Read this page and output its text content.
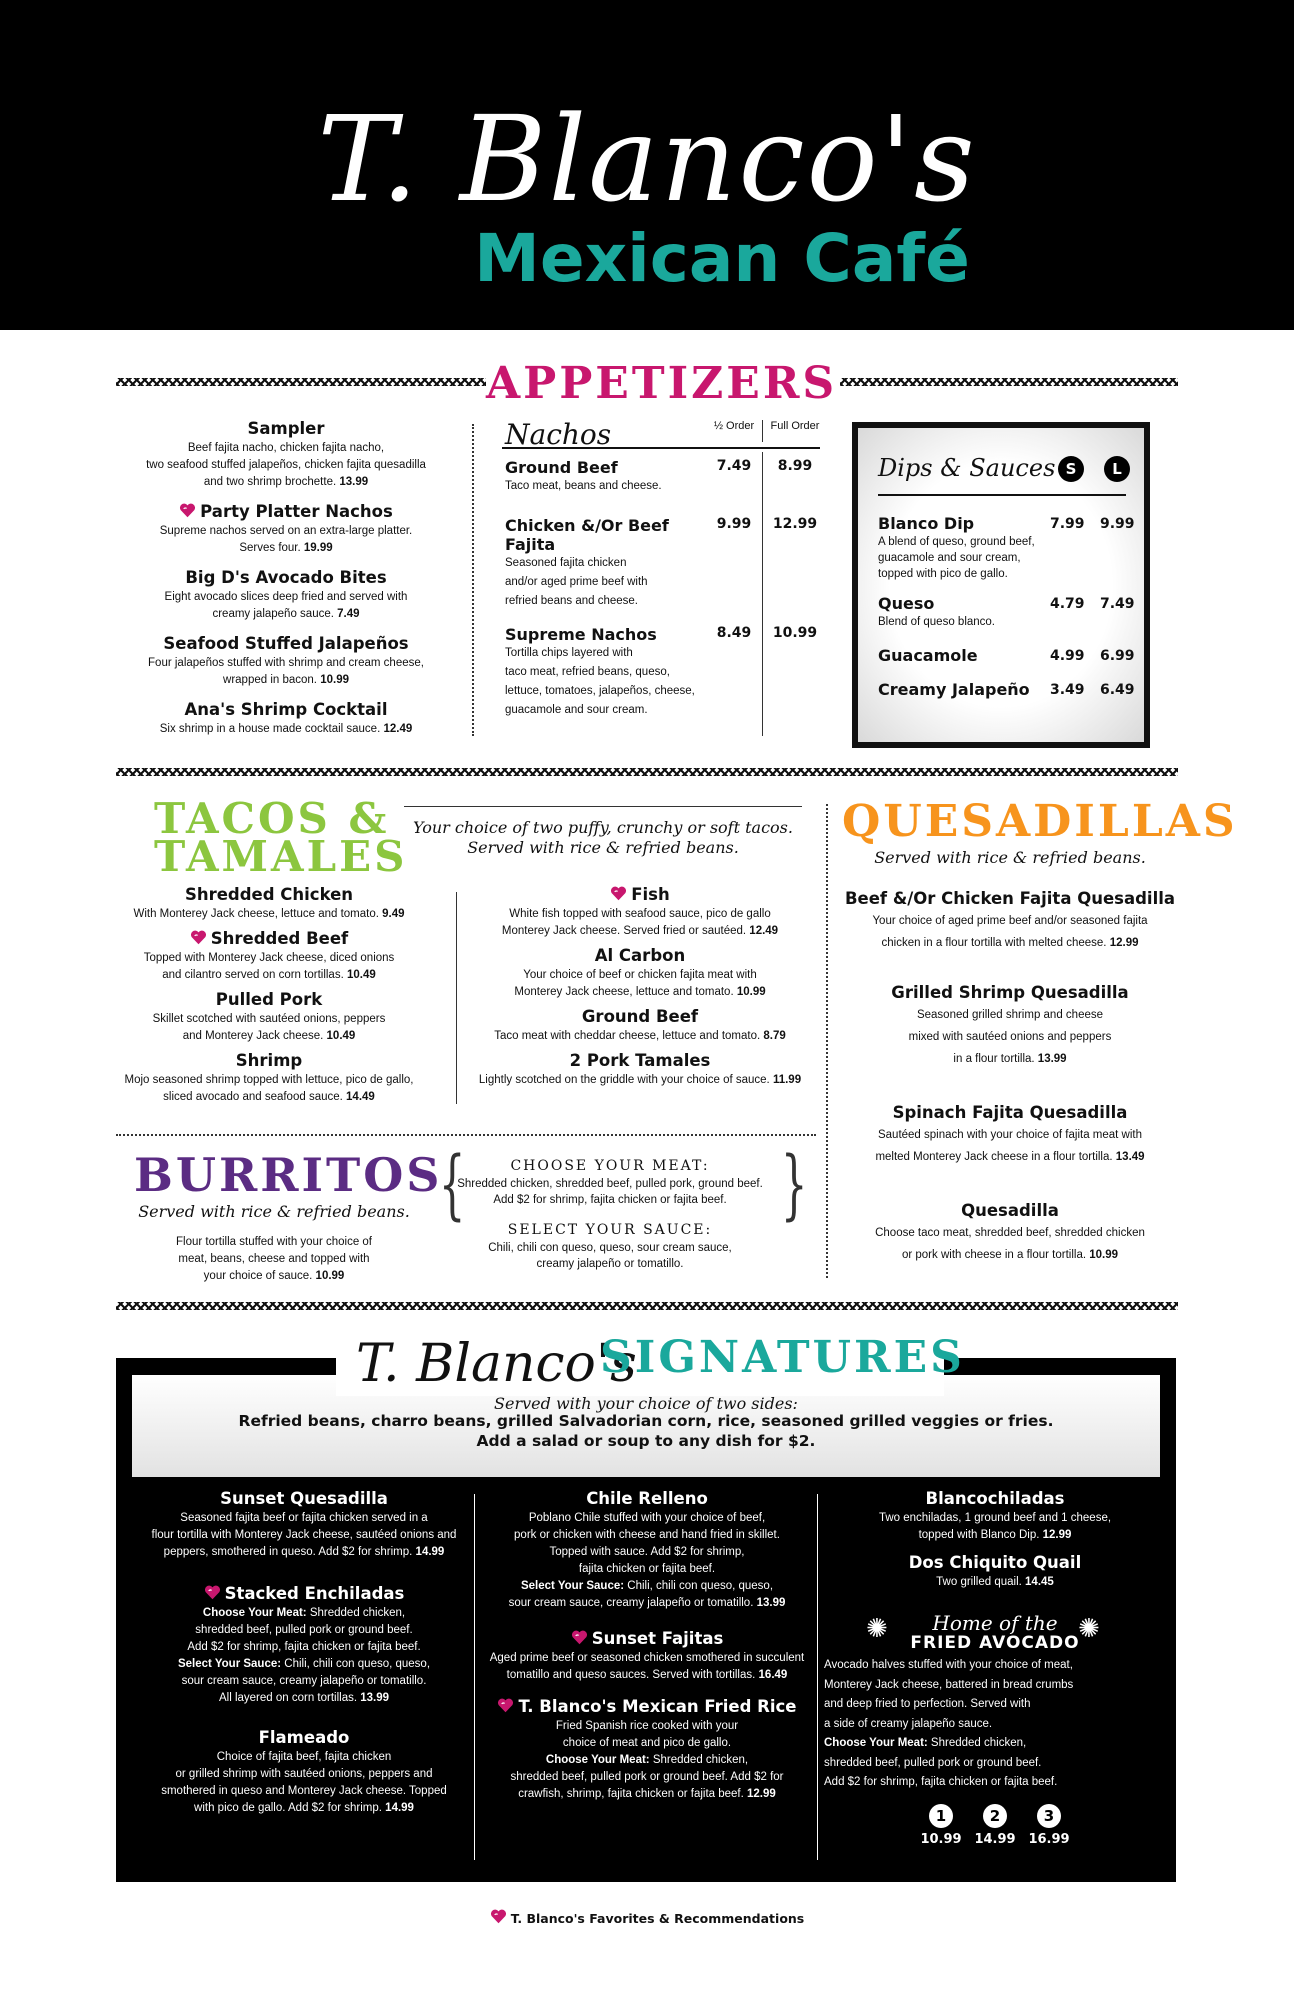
T. Blanco's
Mexican Café
APPETIZERS
Sampler
Beef fajita nacho, chicken fajita nacho,
two seafood stuffed jalapeños, chicken fajita quesadilla
and two shrimp brochette. 13.99
Party Platter Nachos
Supreme nachos served on an extra-large platter.
Serves four. 19.99
Big D's Avocado Bites
Eight avocado slices deep fried and served with
creamy jalapeño sauce. 7.49
Seafood Stuffed Jalapeños
Four jalapeños stuffed with shrimp and cream cheese,
wrapped in bacon. 10.99
Ana's Shrimp Cocktail
Six shrimp in a house made cocktail sauce. 12.49
Nachos	½ Order	Full Order
Ground Beef
Taco meat, beans and cheese.
7.49	8.99
Chicken &/Or Beef Fajita
Seasoned fajita chicken
and/or aged prime beef with
refried beans and cheese.
9.99	12.99
Supreme Nachos
Tortilla chips layered with
taco meat, refried beans, queso,
lettuce, tomatoes, jalapeños, cheese,
guacamole and sour cream.
8.49	10.99
Dips & Sauces S	L
Blanco Dip
A blend of queso, ground beef,
guacamole and sour cream,
topped with pico de gallo.
7.99 9.99
Queso
Blend of queso blanco.
4.79 7.49
Guacamole	4.99 6.99
Creamy Jalapeño	3.49 6.49
TACOS &
TAMALES
Your choice of two puffy, crunchy or soft tacos.
Served with rice & refried beans.
Shredded Chicken
With Monterey Jack cheese, lettuce and tomato. 9.49
Shredded Beef
Topped with Monterey Jack cheese, diced onions
and cilantro served on corn tortillas. 10.49
Pulled Pork
Skillet scotched with sautéed onions, peppers
and Monterey Jack cheese. 10.49
Shrimp
Mojo seasoned shrimp topped with lettuce, pico de gallo,
sliced avocado and seafood sauce. 14.49
Fish
White fish topped with seafood sauce, pico de gallo
Monterey Jack cheese. Served fried or sautéed. 12.49
Al Carbon
Your choice of beef or chicken fajita meat with
Monterey Jack cheese, lettuce and tomato. 10.99
Ground Beef
Taco meat with cheddar cheese, lettuce and tomato. 8.79
2 Pork Tamales
Lightly scotched on the griddle with your choice of sauce. 11.99
QUESADILLAS
Served with rice & refried beans.
Beef &/Or Chicken Fajita Quesadilla
Your choice of aged prime beef and/or seasoned fajita
chicken in a flour tortilla with melted cheese. 12.99
Grilled Shrimp Quesadilla
Seasoned grilled shrimp and cheese
mixed with sautéed onions and peppers
in a flour tortilla. 13.99
Spinach Fajita Quesadilla
Sautéed spinach with your choice of fajita meat with
melted Monterey Jack cheese in a flour tortilla. 13.49
Quesadilla
Choose taco meat, shredded beef, shredded chicken
or pork with cheese in a flour tortilla. 10.99
BURRITOS
Served with rice & refried beans.
Flour tortilla stuffed with your choice of
meat, beans, cheese and topped with
your choice of sauce. 10.99
{	}
CHOOSE YOUR MEAT:
Shredded chicken, shredded beef, pulled pork, ground beef.
Add $2 for shrimp, fajita chicken or fajita beef.
SELECT YOUR SAUCE:
Chili, chili con queso, queso, sour cream sauce,
creamy jalapeño or tomatillo.
T. Blanco's
SIGNATURES
Served with your choice of two sides:
Refried beans, charro beans, grilled Salvadorian corn, rice, seasoned grilled veggies or fries.
Add a salad or soup to any dish for $2.
Sunset Quesadilla
Seasoned fajita beef or fajita chicken served in a
flour tortilla with Monterey Jack cheese, sautéed onions and
peppers, smothered in queso. Add $2 for shrimp. 14.99
Stacked Enchiladas
Choose Your Meat: Shredded chicken,
shredded beef, pulled pork or ground beef.
Add $2 for shrimp, fajita chicken or fajita beef.
Select Your Sauce: Chili, chili con queso, queso,
sour cream sauce, creamy jalapeño or tomatillo.
All layered on corn tortillas. 13.99
Flameado
Choice of fajita beef, fajita chicken
or grilled shrimp with sautéed onions, peppers and
smothered in queso and Monterey Jack cheese. Topped
with pico de gallo. Add $2 for shrimp. 14.99
Chile Relleno
Poblano Chile stuffed with your choice of beef,
pork or chicken with cheese and hand fried in skillet.
Topped with sauce. Add $2 for shrimp,
fajita chicken or fajita beef.
Select Your Sauce: Chili, chili con queso, queso,
sour cream sauce, creamy jalapeño or tomatillo. 13.99
Sunset Fajitas
Aged prime beef or seasoned chicken smothered in succulent
tomatillo and queso sauces. Served with tortillas. 16.49
T. Blanco's Mexican Fried Rice
Fried Spanish rice cooked with your
choice of meat and pico de gallo.
Choose Your Meat: Shredded chicken,
shredded beef, pulled pork or ground beef. Add $2 for
crawfish, shrimp, fajita chicken or fajita beef. 12.99
Blancochiladas
Two enchiladas, 1 ground beef and 1 cheese,
topped with Blanco Dip. 12.99
Dos Chiquito Quail
Two grilled quail. 14.45
✺	✺
Home of the
FRIED AVOCADO
Avocado halves stuffed with your choice of meat,
Monterey Jack cheese, battered in bread crumbs
and deep fried to perfection. Served with
a side of creamy jalapeño sauce.
Choose Your Meat: Shredded chicken,
shredded beef, pulled pork or ground beef.
Add $2 for shrimp, fajita chicken or fajita beef.
1
10.99
2
14.99
3
16.99
T. Blanco's Favorites & Recommendations
